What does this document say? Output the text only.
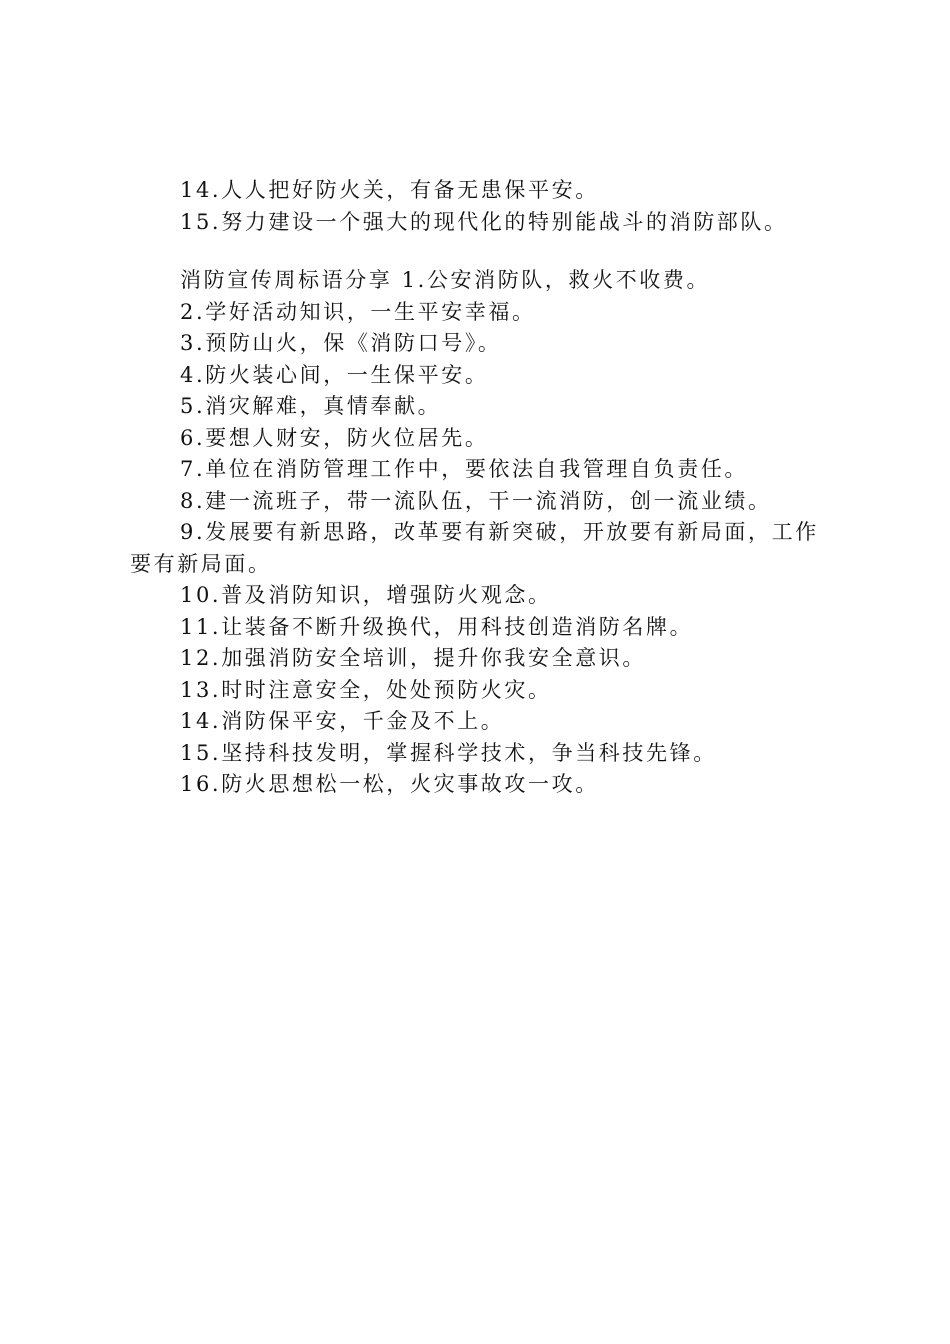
14.人人把好防火关，有备无患保平安。
15.努力建设一个强大的现代化的特别能战斗的消防部队。
消防宣传周标语分享 1.公安消防队，救火不收费。
2.学好活动知识，一生平安幸福。
3.预防山火，保《消防口号》。
4.防火装心间，一生保平安。
5.消灾解难，真情奉献。
6.要想人财安，防火位居先。
7.单位在消防管理工作中，要依法自我管理自负责任。
8.建一流班子，带一流队伍，干一流消防，创一流业绩。
9.发展要有新思路，改革要有新突破，开放要有新局面，工作要有新局面。
10.普及消防知识，增强防火观念。
11.让装备不断升级换代，用科技创造消防名牌。
12.加强消防安全培训，提升你我安全意识。
13.时时注意安全，处处预防火灾。
14.消防保平安，千金及不上。
15.坚持科技发明，掌握科学技术，争当科技先锋。
16.防火思想松一松，火灾事故攻一攻。
